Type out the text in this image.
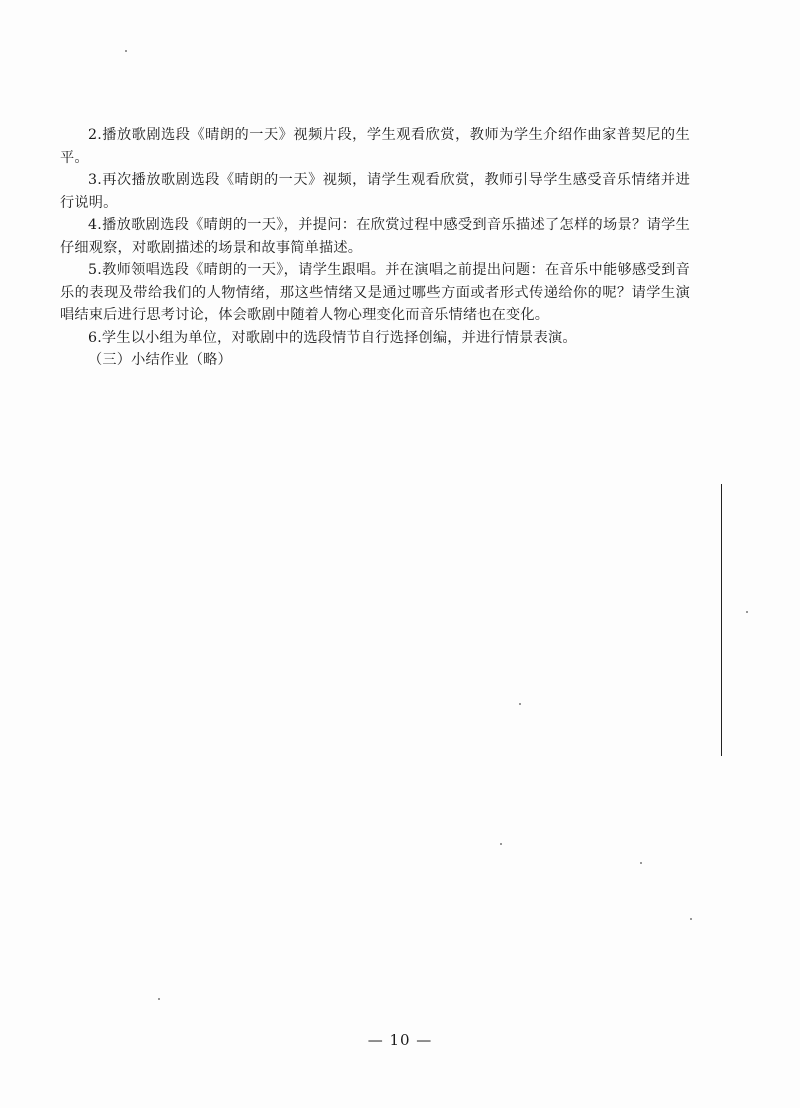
2.播放歌剧选段《晴朗的一天》视频片段，学生观看欣赏，教师为学生介绍作曲家普契尼的生平。

3.再次播放歌剧选段《晴朗的一天》视频，请学生观看欣赏，教师引导学生感受音乐情绪并进行说明。

4.播放歌剧选段《晴朗的一天》，并提问：在欣赏过程中感受到音乐描述了怎样的场景？请学生仔细观察，对歌剧描述的场景和故事简单描述。

5.教师领唱选段《晴朗的一天》，请学生跟唱。并在演唱之前提出问题：在音乐中能够感受到音乐的表现及带给我们的人物情绪，那这些情绪又是通过哪些方面或者形式传递给你的呢？请学生演唱结束后进行思考讨论，体会歌剧中随着人物心理变化而音乐情绪也在变化。

6.学生以小组为单位，对歌剧中的选段情节自行选择创编，并进行情景表演。

（三）小结作业（略）

— 10 —
